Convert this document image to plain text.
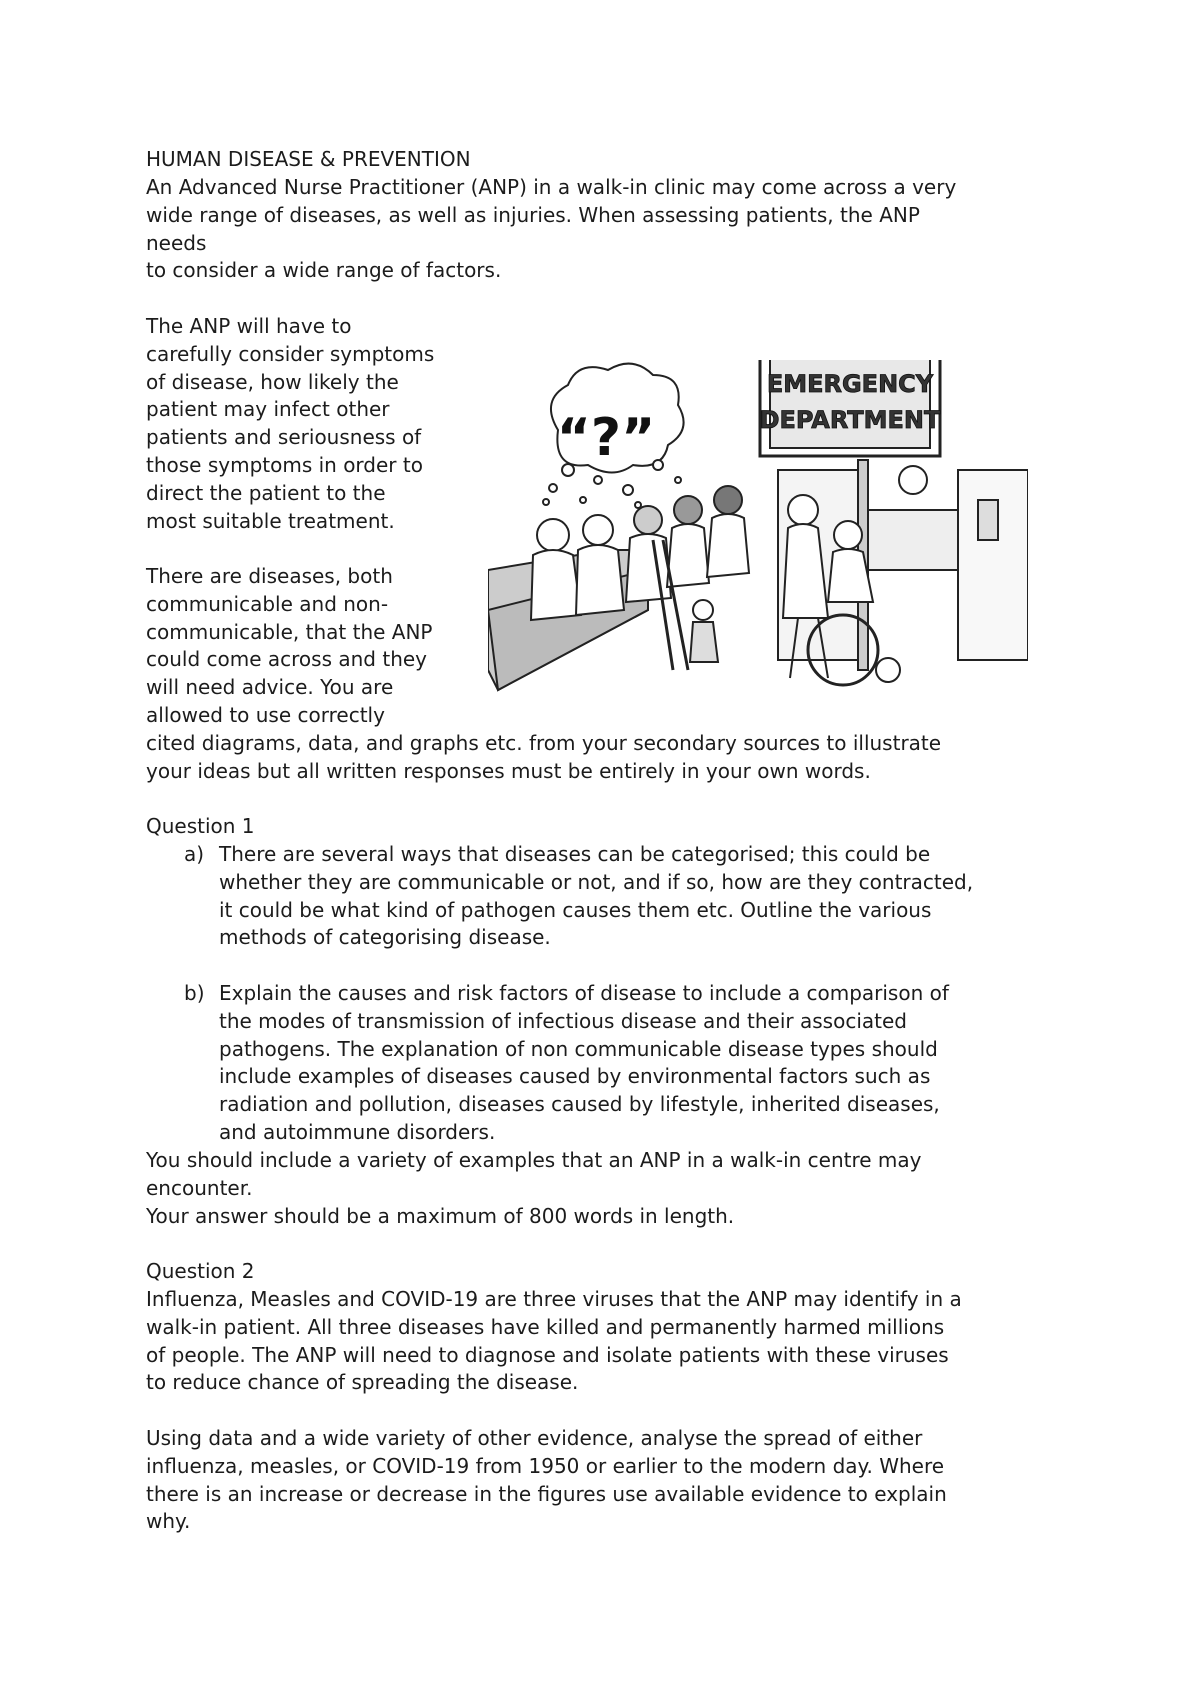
HUMAN DISEASE & PREVENTION
An Advanced Nurse Practitioner (ANP) in a walk-in clinic may come across a very
wide range of diseases, as well as injuries. When assessing patients, the ANP
needs
to consider a wide range of factors.
The ANP will have to
carefully consider symptoms
of disease, how likely the
patient may infect other
patients and seriousness of
those symptoms in order to
direct the patient to the
most suitable treatment.
There are diseases, both
communicable and non-
communicable, that the ANP
could come across and they
will need advice. You are
allowed to use correctly
cited diagrams, data, and graphs etc. from your secondary sources to illustrate
your ideas but all written responses must be entirely in your own words.
“?”
EMERGENCY
DEPARTMENT
Question 1
a) There are several ways that diseases can be categorised; this could be
whether they are communicable or not, and if so, how are they contracted,
it could be what kind of pathogen causes them etc. Outline the various
methods of categorising disease.
b) Explain the causes and risk factors of disease to include a comparison of
the modes of transmission of infectious disease and their associated
pathogens. The explanation of non communicable disease types should
include examples of diseases caused by environmental factors such as
radiation and pollution, diseases caused by lifestyle, inherited diseases,
and autoimmune disorders.
You should include a variety of examples that an ANP in a walk-in centre may
encounter.
Your answer should be a maximum of 800 words in length.
Question 2
Influenza, Measles and COVID-19 are three viruses that the ANP may identify in a
walk-in patient. All three diseases have killed and permanently harmed millions
of people. The ANP will need to diagnose and isolate patients with these viruses
to reduce chance of spreading the disease.
Using data and a wide variety of other evidence, analyse the spread of either
influenza, measles, or COVID-19 from 1950 or earlier to the modern day. Where
there is an increase or decrease in the figures use available evidence to explain
why.
